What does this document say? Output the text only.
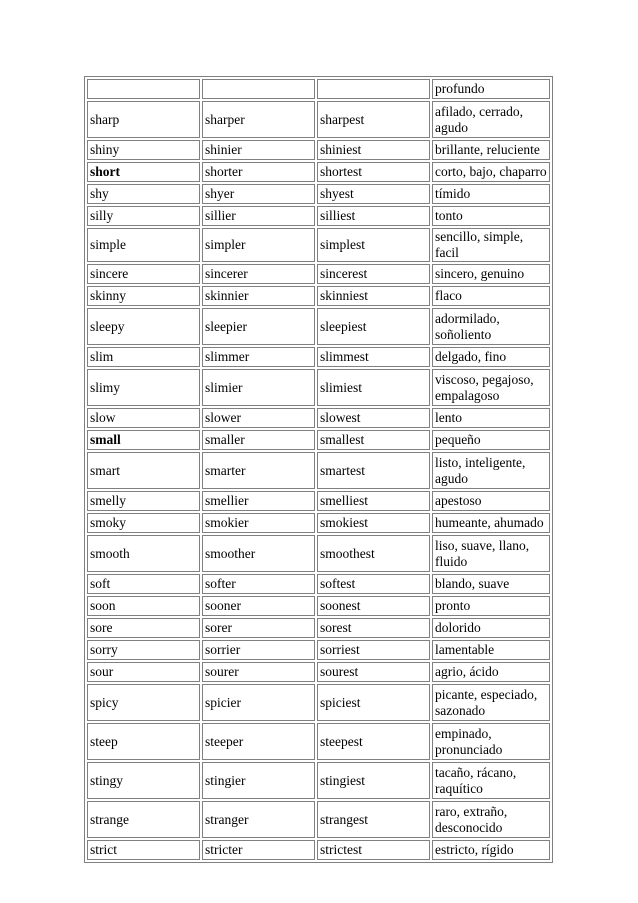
			profundo
sharp	sharper	sharpest	afilado, cerrado, agudo
shiny	shinier	shiniest	brillante, reluciente
short	shorter	shortest	corto, bajo, chaparro
shy	shyer	shyest	tímido
silly	sillier	silliest	tonto
simple	simpler	simplest	sencillo, simple, facil
sincere	sincerer	sincerest	sincero, genuino
skinny	skinnier	skinniest	flaco
sleepy	sleepier	sleepiest	adormilado, soñoliento
slim	slimmer	slimmest	delgado, fino
slimy	slimier	slimiest	viscoso, pegajoso, empalagoso
slow	slower	slowest	lento
small	smaller	smallest	pequeño
smart	smarter	smartest	listo, inteligente, agudo
smelly	smellier	smelliest	apestoso
smoky	smokier	smokiest	humeante, ahumado
smooth	smoother	smoothest	liso, suave, llano, fluido
soft	softer	softest	blando, suave
soon	sooner	soonest	pronto
sore	sorer	sorest	dolorido
sorry	sorrier	sorriest	lamentable
sour	sourer	sourest	agrio, ácido
spicy	spicier	spiciest	picante, especiado, sazonado
steep	steeper	steepest	empinado, pronunciado
stingy	stingier	stingiest	tacaño, rácano, raquítico
strange	stranger	strangest	raro, extraño, desconocido
strict	stricter	strictest	estricto, rígido
